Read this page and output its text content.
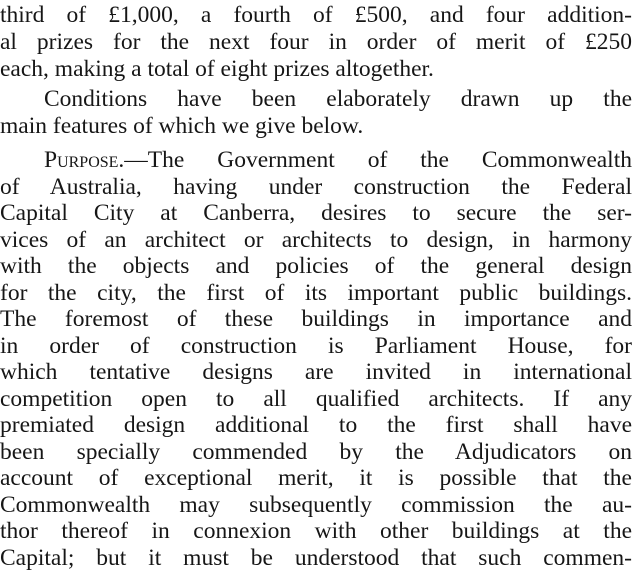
third of £1,000, a fourth of £500, and four addition-

al prizes for the next four in order of merit of £250

each, making a total of eight prizes altogether.

Conditions have been elaborately drawn up the

main features of which we give below.

Purpose.—The Government of the Commonwealth

of Australia, having under construction the Federal

Capital City at Canberra, desires to secure the ser-

vices of an architect or architects to design, in harmony

with the objects and policies of the general design

for the city, the first of its important public buildings.

The foremost of these buildings in importance and

in order of construction is Parliament House, for

which tentative designs are invited in international

competition open to all qualified architects. If any

premiated design additional to the first shall have

been specially commended by the Adjudicators on

account of exceptional merit, it is possible that the

Commonwealth may subsequently commission the au-

thor thereof in connexion with other buildings at the

Capital; but it must be understood that such commen-
